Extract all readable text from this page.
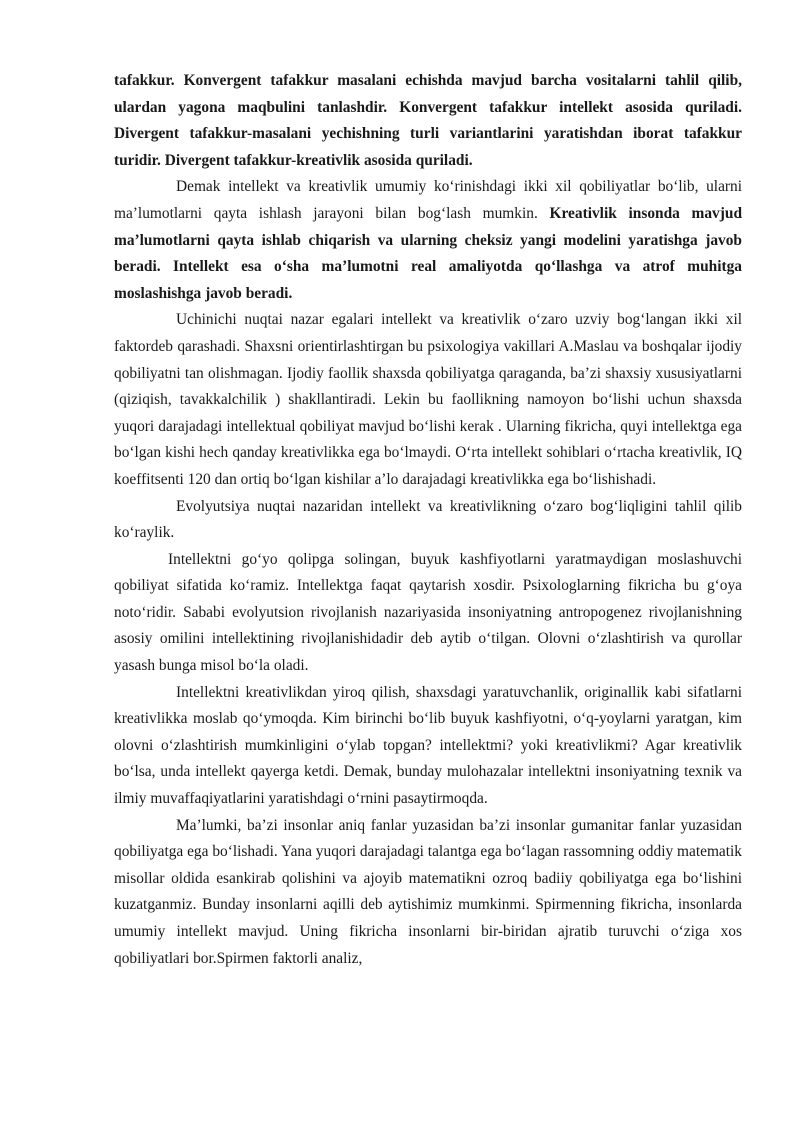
tafakkur. Konvergent tafakkur masalani echishda mavjud barcha vositalarni tahlil qilib, ulardan yagona maqbulini tanlashdir. Konvergent tafakkur intellekt asosida quriladi. Divergent tafakkur-masalani yechishning turli variantlarini yaratishdan iborat tafakkur turidir. Divergent tafakkur-kreativlik asosida quriladi.

Demak intellekt va kreativlik umumiy ko‘rinishdagi ikki xil qobiliyatlar bo‘lib, ularni ma’lumotlarni qayta ishlash jarayoni bilan bog‘lash mumkin. Kreativlik insonda mavjud ma’lumotlarni qayta ishlab chiqarish va ularning cheksiz yangi modelini yaratishga javob beradi. Intellekt esa o‘sha ma’lumotni real amaliyotda qo‘llashga va atrof muhitga moslashishga javob beradi.

Uchinichi nuqtai nazar egalari intellekt va kreativlik o‘zaro uzviy bog‘langan ikki xil faktordeb qarashadi. Shaxsni orientirlashtirgan bu psixologiya vakillari A.Maslau va boshqalar ijodiy qobiliyatni tan olishmagan. Ijodiy faollik shaxsda qobiliyatga qaraganda, ba’zi shaxsiy xususiyatlarni (qiziqish, tavakkalchilik ) shakllantiradi. Lekin bu faollikning namoyon bo‘lishi uchun shaxsda yuqori darajadagi intellektual qobiliyat mavjud bo‘lishi kerak . Ularning fikricha, quyi intellektga ega bo‘lgan kishi hech qanday kreativlikka ega bo‘lmaydi. O‘rta intellekt sohiblari o‘rtacha kreativlik, IQ koeffitsenti 120 dan ortiq bo‘lgan kishilar a’lo darajadagi kreativlikka ega bo‘lishishadi.

Evolyutsiya nuqtai nazaridan intellekt va kreativlikning o‘zaro bog‘liqligini tahlil qilib ko‘raylik.

Intellektni go‘yo qolipga solingan, buyuk kashfiyotlarni yaratmaydigan moslashuvchi qobiliyat sifatida ko‘ramiz. Intellektga faqat qaytarish xosdir. Psixologlarning fikricha bu g‘oya noto‘ridir. Sababi evolyutsion rivojlanish nazariyasida insoniyatning antropogenez rivojlanishning asosiy omilini intellektining rivojlanishidadir deb aytib o‘tilgan. Olovni o‘zlashtirish va qurollar yasash bunga misol bo‘la oladi.

Intellektni kreativlikdan yiroq qilish, shaxsdagi yaratuvchanlik, originallik kabi sifatlarni kreativlikka moslab qo‘ymoqda. Kim birinchi bo‘lib buyuk kashfiyotni, o‘q-yoylarni yaratgan, kim olovni o‘zlashtirish mumkinligini o‘ylab topgan? intellektmi? yoki kreativlikmi? Agar kreativlik bo‘lsa, unda intellekt qayerga ketdi. Demak, bunday mulohazalar intellektni insoniyatning texnik va ilmiy muvaffaqiyatlarini yaratishdagi o‘rnini pasaytirmoqda.

Ma’lumki, ba’zi insonlar aniq fanlar yuzasidan ba’zi insonlar gumanitar fanlar yuzasidan qobiliyatga ega bo‘lishadi. Yana yuqori darajadagi talantga ega bo‘lagan rassomning oddiy matematik misollar oldida esankirab qolishini va ajoyib matematikni ozroq badiiy qobiliyatga ega bo‘lishini kuzatganmiz. Bunday insonlarni aqilli deb aytishimiz mumkinmi. Spirmenning fikricha, insonlarda umumiy intellekt mavjud. Uning fikricha insonlarni bir-biridan ajratib turuvchi o‘ziga xos qobiliyatlari bor.Spirmen faktorli analiz,
